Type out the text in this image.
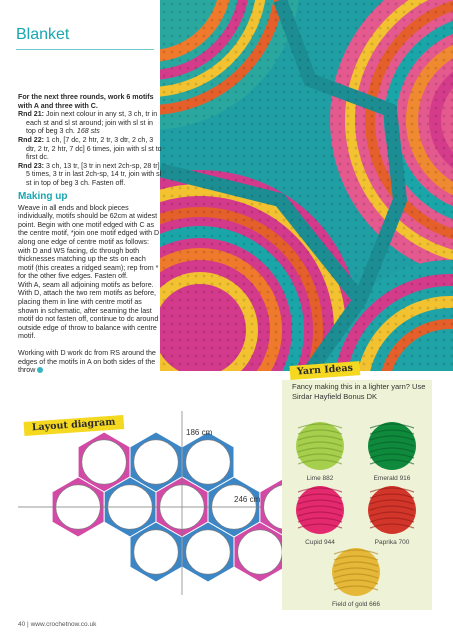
Blanket

For the next three rounds, work 6 motifs with A and three with C.

Rnd 21: Join next colour in any st, 3 ch, tr in each st and sl st around; join with sl st in top of beg 3 ch. 168 sts

Rnd 22: 1 ch, [7 dc, 2 htr, 2 tr, 3 dtr, 2 ch, 3 dtr, 2 tr, 2 htr, 7 dc] 6 times, join with sl st to first dc.

Rnd 23: 3 ch, 13 tr, [3 tr in next 2ch-sp, 28 tr] 5 times, 3 tr in last 2ch-sp, 14 tr, join with sl st in top of beg 3 ch. Fasten off.

Making up

Weave in all ends and block pieces individually, motifs should be 62cm at widest point. Begin with one motif edged with C as the centre motif, *join one motif edged with D along one edge of centre motif as follows: with D and WS facing, dc through both thicknesses matching up the sts on each motif (this creates a ridged seam); rep from * for the other five edges. Fasten off.

With A, seam all adjoining motifs as before. With D, attach the two rem motifs as before, placing them in line with centre motif as shown in schematic, after seaming the last motif do not fasten off, continue to dc around outside edge of throw to balance with centre motif.

Working with D work dc from RS around the edges of the motifs in A on both sides of the throw

186 cm
246 cm
Layout diagram
Yarn Ideas
Fancy making this in a lighter yarn? Use Sirdar Hayfield Bonus DK
Lime 882	Emerald 916
Cupid 944	Paprika 700
Field of gold 666
40 | www.crochetnow.co.uk
